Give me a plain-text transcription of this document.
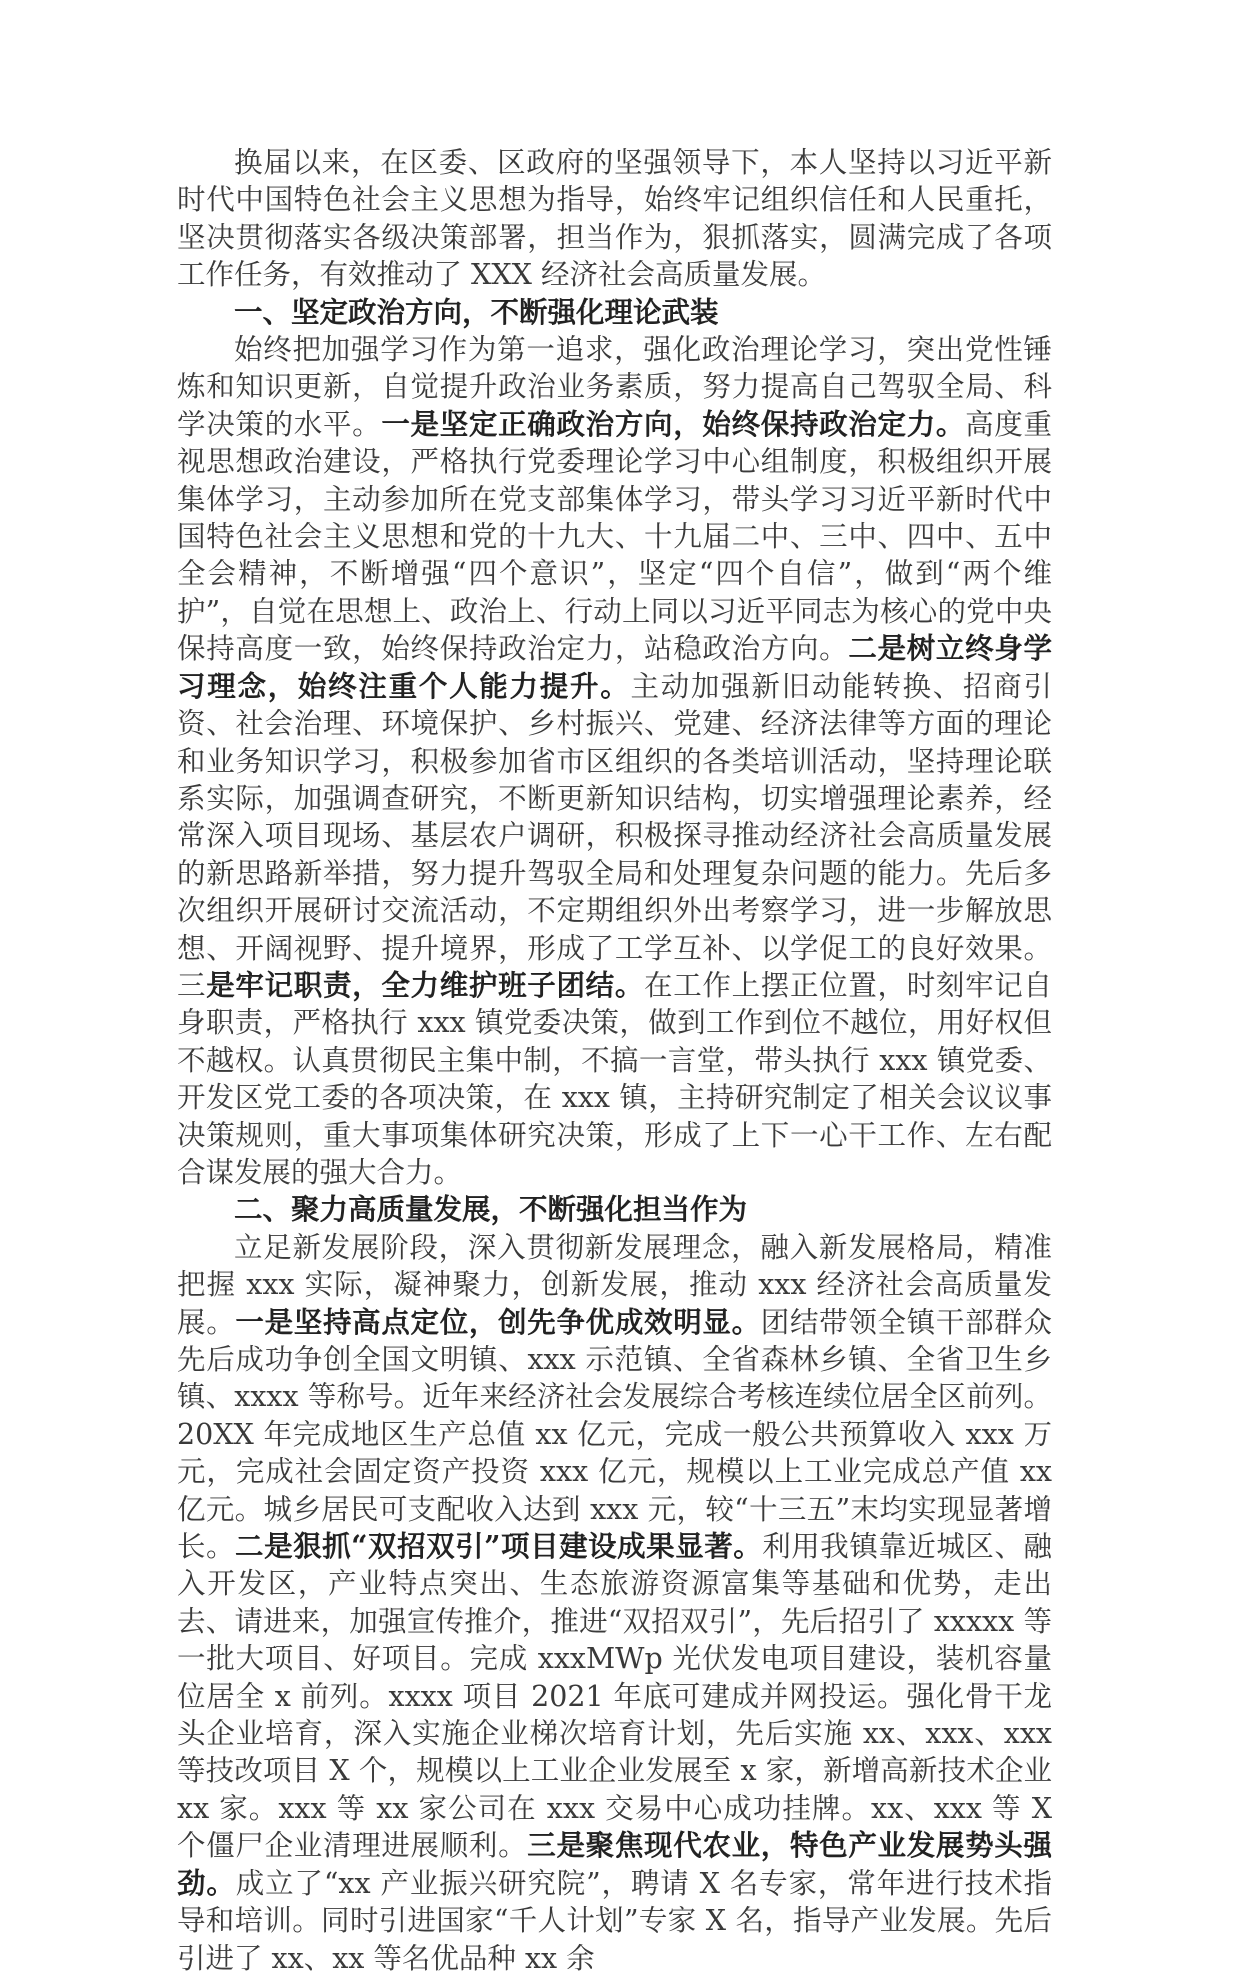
换届以来，在区委、区政府的坚强领导下，本人坚持以习近平新时代中国特色社会主义思想为指导，始终牢记组织信任和人民重托，坚决贯彻落实各级决策部署，担当作为，狠抓落实，圆满完成了各项工作任务，有效推动了 XXX 经济社会高质量发展。

一、坚定政治方向，不断强化理论武装

始终把加强学习作为第一追求，强化政治理论学习，突出党性锤炼和知识更新，自觉提升政治业务素质，努力提高自己驾驭全局、科学决策的水平。一是坚定正确政治方向，始终保持政治定力。高度重视思想政治建设，严格执行党委理论学习中心组制度，积极组织开展集体学习，主动参加所在党支部集体学习，带头学习习近平新时代中国特色社会主义思想和党的十九大、十九届二中、三中、四中、五中全会精神，不断增强“四个意识”，坚定“四个自信”，做到“两个维护”，自觉在思想上、政治上、行动上同以习近平同志为核心的党中央保持高度一致，始终保持政治定力，站稳政治方向。二是树立终身学习理念，始终注重个人能力提升。主动加强新旧动能转换、招商引资、社会治理、环境保护、乡村振兴、党建、经济法律等方面的理论和业务知识学习，积极参加省市区组织的各类培训活动，坚持理论联系实际，加强调查研究，不断更新知识结构，切实增强理论素养，经常深入项目现场、基层农户调研，积极探寻推动经济社会高质量发展的新思路新举措，努力提升驾驭全局和处理复杂问题的能力。先后多次组织开展研讨交流活动，不定期组织外出考察学习，进一步解放思想、开阔视野、提升境界，形成了工学互补、以学促工的良好效果。三是牢记职责，全力维护班子团结。在工作上摆正位置，时刻牢记自身职责，严格执行 xxx 镇党委决策，做到工作到位不越位，用好权但不越权。认真贯彻民主集中制，不搞一言堂，带头执行 xxx 镇党委、开发区党工委的各项决策，在 xxx 镇，主持研究制定了相关会议议事决策规则，重大事项集体研究决策，形成了上下一心干工作、左右配合谋发展的强大合力。

二、聚力高质量发展，不断强化担当作为

立足新发展阶段，深入贯彻新发展理念，融入新发展格局，精准把握 xxx 实际，凝神聚力，创新发展，推动 xxx 经济社会高质量发展。一是坚持高点定位，创先争优成效明显。团结带领全镇干部群众先后成功争创全国文明镇、xxx 示范镇、全省森林乡镇、全省卫生乡镇、xxxx 等称号。近年来经济社会发展综合考核连续位居全区前列。20XX 年完成地区生产总值 xx 亿元，完成一般公共预算收入 xxx 万元，完成社会固定资产投资 xxx 亿元，规模以上工业完成总产值 xx 亿元。城乡居民可支配收入达到 xxx 元，较“十三五”末均实现显著增长。二是狠抓“双招双引”项目建设成果显著。利用我镇靠近城区、融入开发区，产业特点突出、生态旅游资源富集等基础和优势，走出去、请进来，加强宣传推介，推进“双招双引”，先后招引了 xxxxx 等一批大项目、好项目。完成 xxxMWp 光伏发电项目建设，装机容量位居全 x 前列。xxxx 项目 2021 年底可建成并网投运。强化骨干龙头企业培育，深入实施企业梯次培育计划，先后实施 xx、xxx、xxx 等技改项目 X 个，规模以上工业企业发展至 x 家，新增高新技术企业 xx 家。xxx 等 xx 家公司在 xxx 交易中心成功挂牌。xx、xxx 等 X 个僵尸企业清理进展顺利。三是聚焦现代农业，特色产业发展势头强劲。成立了“xx 产业振兴研究院”，聘请 X 名专家，常年进行技术指导和培训。同时引进国家“千人计划”专家 X 名，指导产业发展。先后引进了 xx、xx 等名优品种 xx 余
